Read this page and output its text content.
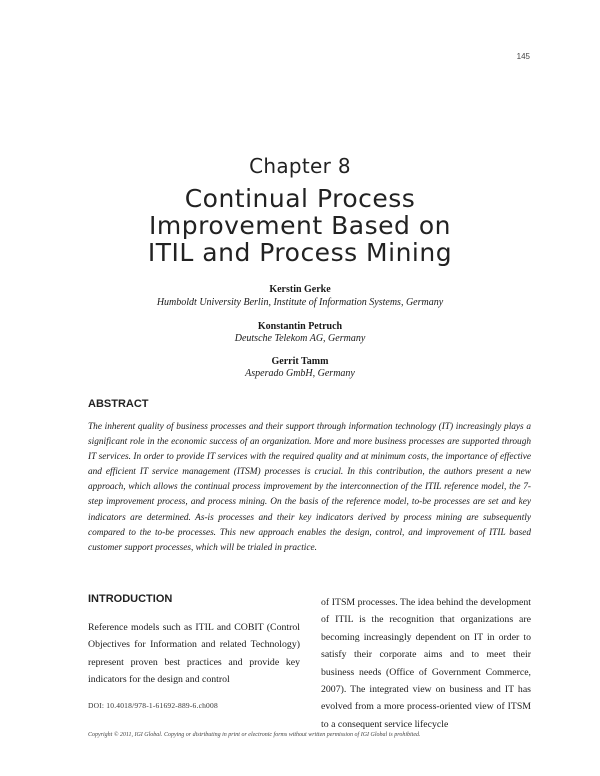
145
Chapter 8
Continual Process
Improvement Based on
ITIL and Process Mining
Kerstin Gerke
Humboldt University Berlin, Institute of Information Systems, Germany
Konstantin Petruch
Deutsche Telekom AG, Germany
Gerrit Tamm
Asperado GmbH, Germany
ABSTRACT
The inherent quality of business processes and their support through information technology (IT) increasingly plays a significant role in the economic success of an organization. More and more business processes are supported through IT services. In order to provide IT services with the required quality and at minimum costs, the importance of effective and efficient IT service management (ITSM) processes is crucial. In this contribution, the authors present a new approach, which allows the continual process improvement by the interconnection of the ITIL reference model, the 7-step improvement process, and process mining. On the basis of the reference model, to-be processes are set and key indicators are determined. As-is processes and their key indicators derived by process mining are subsequently compared to the to-be processes. This new approach enables the design, control, and improvement of ITIL based customer support processes, which will be trialed in practice.
INTRODUCTION
Reference models such as ITIL and COBIT (Control Objectives for Information and related Technology) represent proven best practices and provide key indicators for the design and control
of ITSM processes. The idea behind the development of ITIL is the recognition that organizations are becoming increasingly dependent on IT in order to satisfy their corporate aims and to meet their business needs (Office of Government Commerce, 2007). The integrated view on business and IT has evolved from a more process-oriented view of ITSM to a consequent service lifecycle
DOI: 10.4018/978-1-61692-889-6.ch008
Copyright © 2011, IGI Global. Copying or distributing in print or electronic forms without written permission of IGI Global is prohibited.
